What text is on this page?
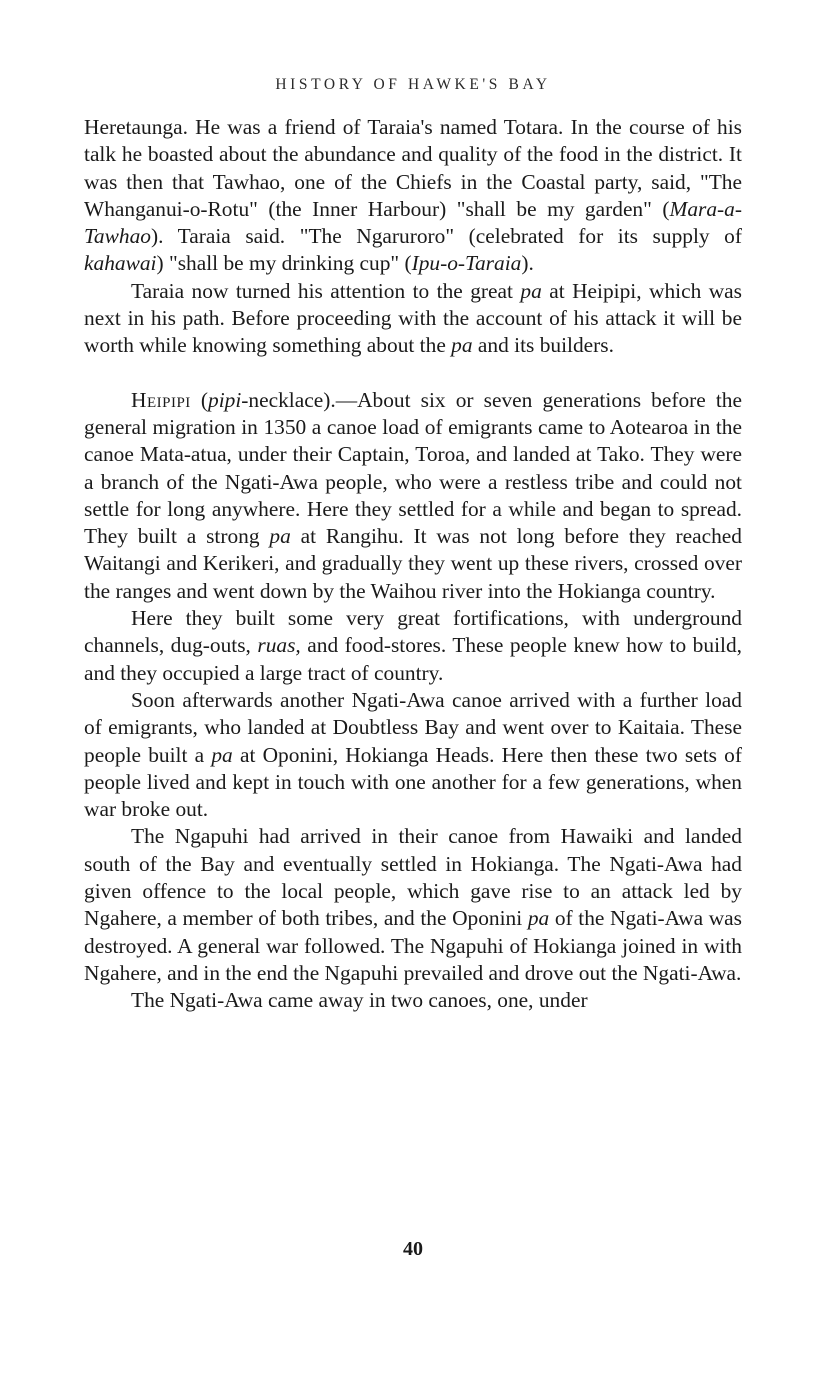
HISTORY OF HAWKE'S BAY

Heretaunga. He was a friend of Taraia's named Totara. In the course of his talk he boasted about the abundance and quality of the food in the district. It was then that Tawhao, one of the Chiefs in the Coastal party, said, "The Whanganui-o-Rotu" (the Inner Harbour) "shall be my garden" (Mara-a-Tawhao). Taraia said. "The Ngaruroro" (celebrated for its supply of kahawai) "shall be my drinking cup" (Ipu-o-Taraia).

Taraia now turned his attention to the great pa at Heipipi, which was next in his path. Before proceeding with the account of his attack it will be worth while knowing something about the pa and its builders.

Heipipi (pipi-necklace).—About six or seven generations before the general migration in 1350 a canoe load of emigrants came to Aotearoa in the canoe Mata-atua, under their Captain, Toroa, and landed at Tako. They were a branch of the Ngati-Awa people, who were a restless tribe and could not settle for long anywhere. Here they settled for a while and began to spread. They built a strong pa at Rangihu. It was not long before they reached Waitangi and Kerikeri, and gradually they went up these rivers, crossed over the ranges and went down by the Waihou river into the Hokianga country.

Here they built some very great fortifications, with underground channels, dug-outs, ruas, and food-stores. These people knew how to build, and they occupied a large tract of country.

Soon afterwards another Ngati-Awa canoe arrived with a further load of emigrants, who landed at Doubtless Bay and went over to Kaitaia. These people built a pa at Oponini, Hokianga Heads. Here then these two sets of people lived and kept in touch with one another for a few generations, when war broke out.

The Ngapuhi had arrived in their canoe from Hawaiki and landed south of the Bay and eventually settled in Hokianga. The Ngati-Awa had given offence to the local people, which gave rise to an attack led by Ngahere, a member of both tribes, and the Oponini pa of the Ngati-Awa was destroyed. A general war followed. The Ngapuhi of Hokianga joined in with Ngahere, and in the end the Ngapuhi prevailed and drove out the Ngati-Awa.

The Ngati-Awa came away in two canoes, one, under

40
